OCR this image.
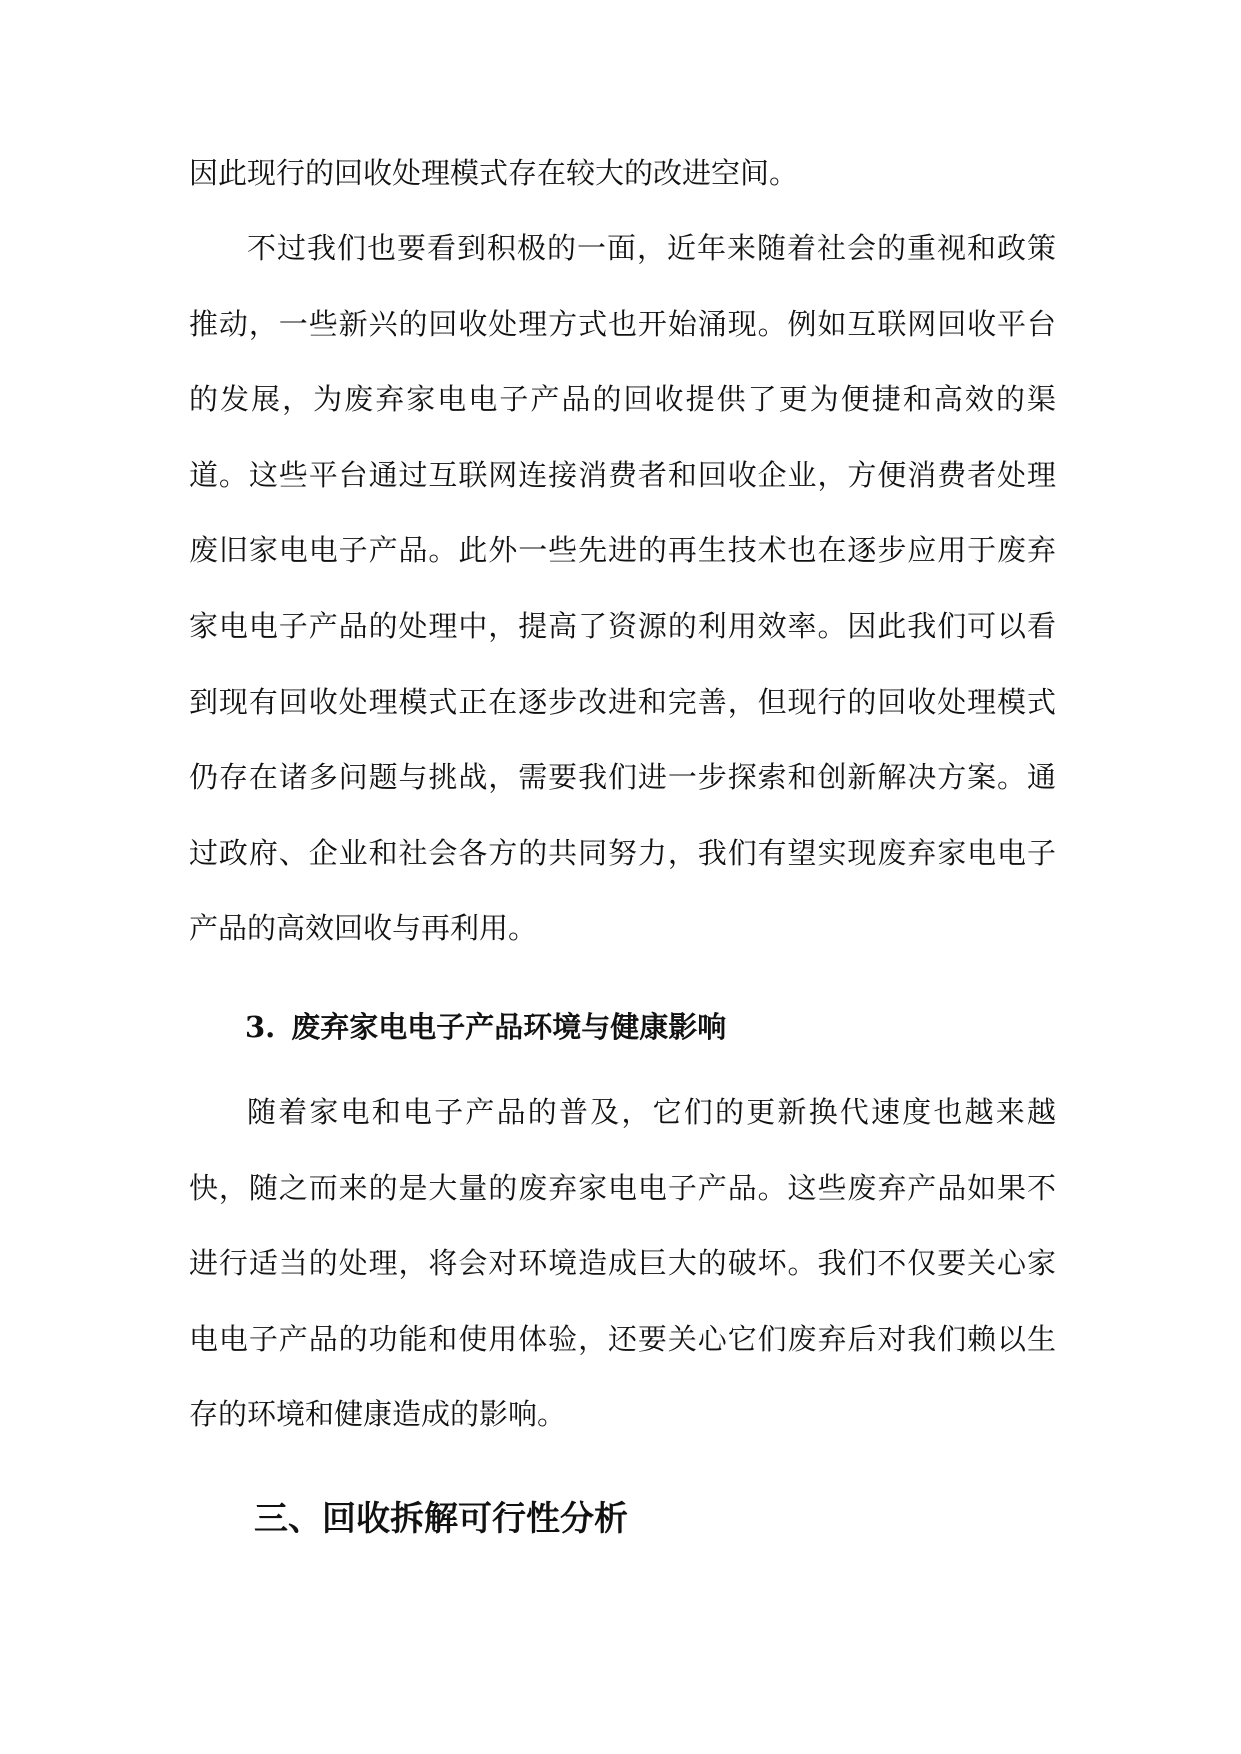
因此现行的回收处理模式存在较大的改进空间。

不过我们也要看到积极的一面，近年来随着社会的重视和政策推动，一些新兴的回收处理方式也开始涌现。例如互联网回收平台的发展，为废弃家电电子产品的回收提供了更为便捷和高效的渠道。这些平台通过互联网连接消费者和回收企业，方便消费者处理废旧家电电子产品。此外一些先进的再生技术也在逐步应用于废弃家电电子产品的处理中，提高了资源的利用效率。因此我们可以看到现有回收处理模式正在逐步改进和完善，但现行的回收处理模式仍存在诸多问题与挑战，需要我们进一步探索和创新解决方案。通过政府、企业和社会各方的共同努力，我们有望实现废弃家电电子产品的高效回收与再利用。

3. 废弃家电电子产品环境与健康影响

随着家电和电子产品的普及，它们的更新换代速度也越来越快，随之而来的是大量的废弃家电电子产品。这些废弃产品如果不进行适当的处理，将会对环境造成巨大的破坏。我们不仅要关心家电电子产品的功能和使用体验，还要关心它们废弃后对我们赖以生存的环境和健康造成的影响。

三、回收拆解可行性分析
